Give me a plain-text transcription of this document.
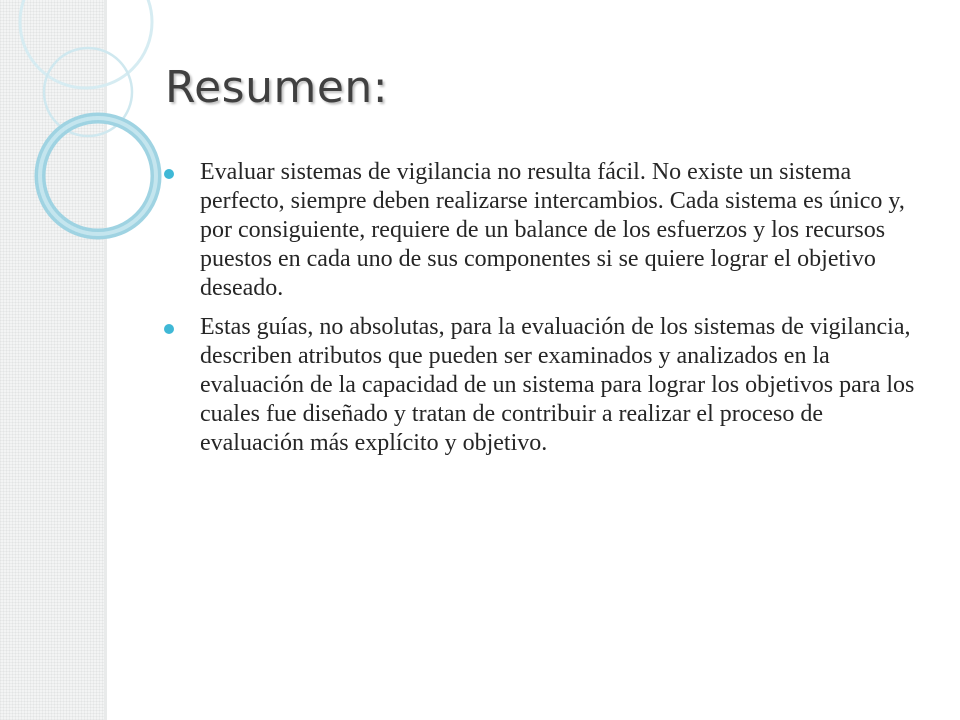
Resumen:
Evaluar sistemas de vigilancia no resulta fácil. No existe un sistema perfecto, siempre deben realizarse intercambios. Cada sistema es único y, por consiguiente, requiere de un balance de los esfuerzos y los recursos puestos en cada uno de sus componentes si se quiere lograr el objetivo deseado.
Estas guías, no absolutas, para la evaluación de los sistemas de vigilancia, describen atributos que pueden ser examinados y analizados en la evaluación de la capacidad de un sistema para lograr los objetivos para los cuales fue diseñado y tratan de contribuir a realizar el proceso de evaluación más explícito y objetivo.
